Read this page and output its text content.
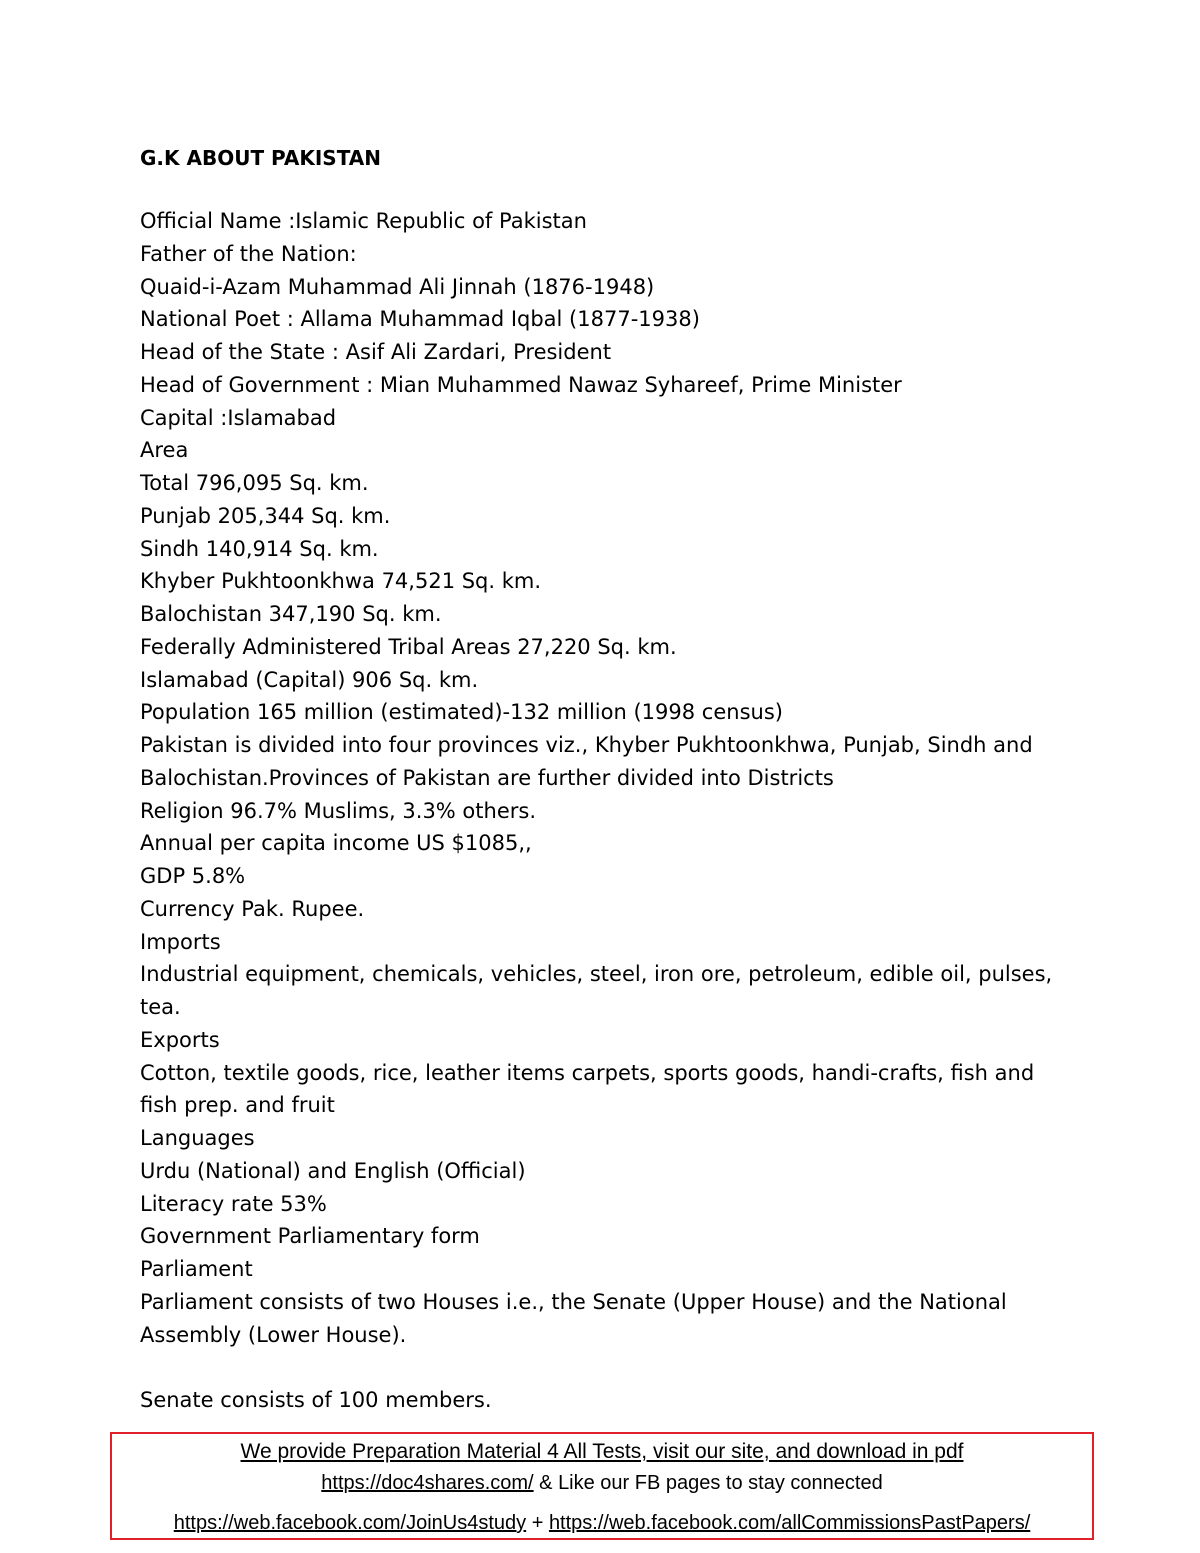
G.K ABOUT PAKISTAN
Official Name :Islamic Republic of Pakistan
Father of the Nation:
Quaid-i-Azam Muhammad Ali Jinnah (1876-1948)
National Poet : Allama Muhammad Iqbal (1877-1938)
Head of the State : Asif Ali Zardari, President
Head of Government : Mian Muhammed Nawaz Syhareef, Prime Minister
Capital :Islamabad
Area
Total 796,095 Sq. km.
Punjab 205,344 Sq. km.
Sindh 140,914 Sq. km.
Khyber Pukhtoonkhwa 74,521 Sq. km.
Balochistan 347,190 Sq. km.
Federally Administered Tribal Areas 27,220 Sq. km.
Islamabad (Capital) 906 Sq. km.
Population 165 million (estimated)-132 million (1998 census)
Pakistan is divided into four provinces viz., Khyber Pukhtoonkhwa, Punjab, Sindh and
Balochistan.Provinces of Pakistan are further divided into Districts
Religion 96.7% Muslims, 3.3% others.
Annual per capita income US $1085,,
GDP 5.8%
Currency Pak. Rupee.
Imports
Industrial equipment, chemicals, vehicles, steel, iron ore, petroleum, edible oil, pulses,
tea.
Exports
Cotton, textile goods, rice, leather items carpets, sports goods, handi-crafts, fish and
fish prep. and fruit
Languages
Urdu (National) and English (Official)
Literacy rate 53%
Government Parliamentary form
Parliament
Parliament consists of two Houses i.e., the Senate (Upper House) and the National
Assembly (Lower House).
Senate consists of 100 members.
We provide Preparation Material 4 All Tests, visit our site, and download in pdf
https://doc4shares.com/ & Like our FB pages to stay connected
https://web.facebook.com/JoinUs4study + https://web.facebook.com/allCommissionsPastPapers/
